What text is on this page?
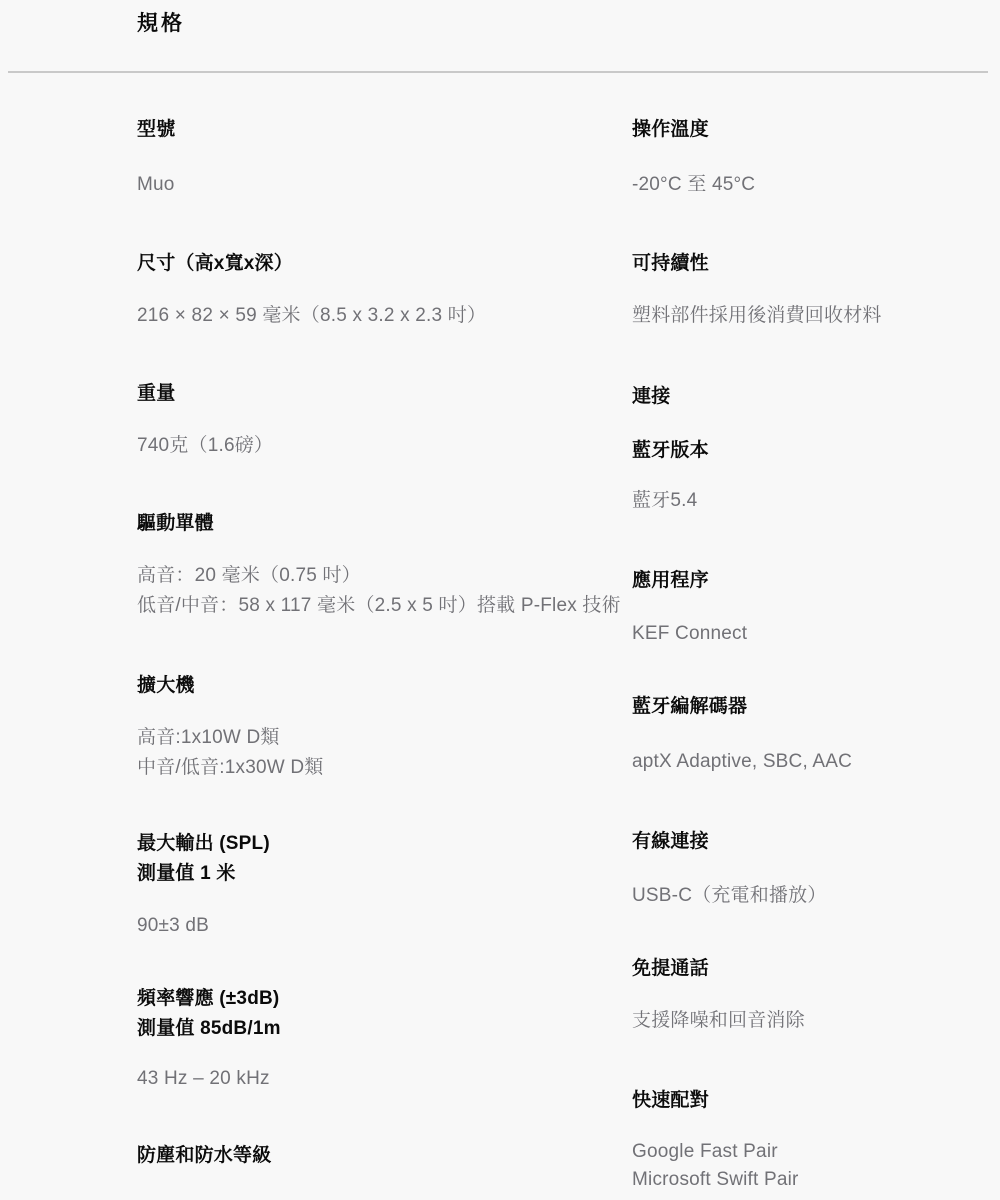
規格
型號
Muo
尺寸（高x寬x深）
216 × 82 × 59 毫米（8.5 x 3.2 x 2.3 吋）
重量
740克（1.6磅）
驅動單體
高音：20 毫米（0.75 吋）
低音/中音：58 x 117 毫米（2.5 x 5 吋）搭載 P-Flex 技術
擴大機
高音:1x10W D類
中音/低音:1x30W D類
最大輸出 (SPL)
測量值 1 米
90±3 dB
頻率響應 (±3dB)
測量值 85dB/1m
43 Hz – 20 kHz
防塵和防水等級
操作溫度
-20°C 至 45°C
可持續性
塑料部件採用後消費回收材料
連接
藍牙版本
藍牙5.4
應用程序
KEF Connect
藍牙編解碼器
aptX Adaptive, SBC, AAC
有線連接
USB-C（充電和播放）
免提通話
支援降噪和回音消除
快速配對
Google Fast Pair
Microsoft Swift Pair
